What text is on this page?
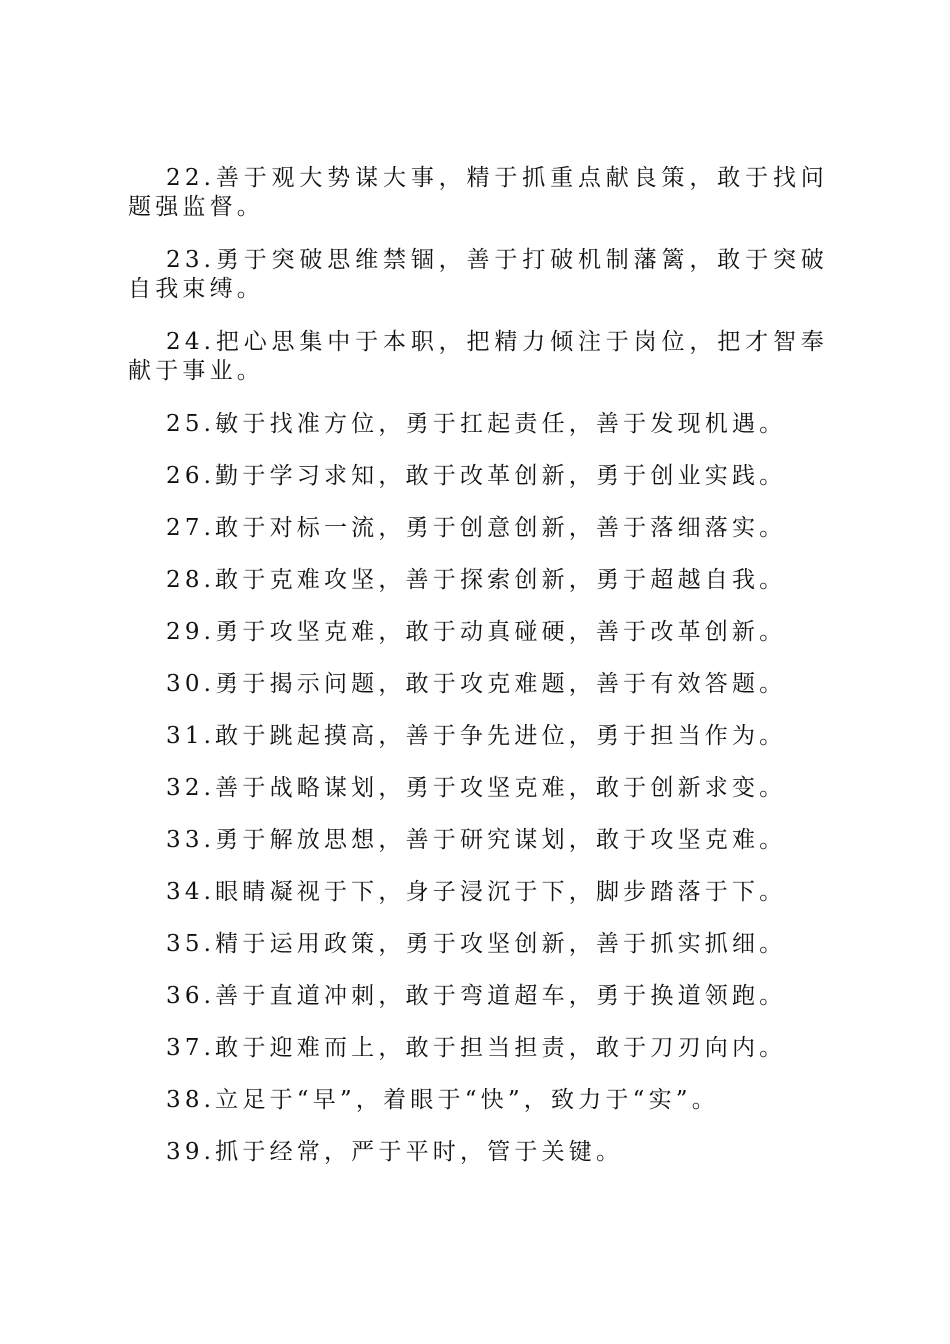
22.善于观大势谋大事，精于抓重点献良策，敢于找问题强监督。

23.勇于突破思维禁锢，善于打破机制藩篱，敢于突破自我束缚。

24.把心思集中于本职，把精力倾注于岗位，把才智奉献于事业。

25.敏于找准方位，勇于扛起责任，善于发现机遇。

26.勤于学习求知，敢于改革创新，勇于创业实践。

27.敢于对标一流，勇于创意创新，善于落细落实。

28.敢于克难攻坚，善于探索创新，勇于超越自我。

29.勇于攻坚克难，敢于动真碰硬，善于改革创新。

30.勇于揭示问题，敢于攻克难题，善于有效答题。

31.敢于跳起摸高，善于争先进位，勇于担当作为。

32.善于战略谋划，勇于攻坚克难，敢于创新求变。

33.勇于解放思想，善于研究谋划，敢于攻坚克难。

34.眼睛凝视于下，身子浸沉于下，脚步踏落于下。

35.精于运用政策，勇于攻坚创新，善于抓实抓细。

36.善于直道冲刺，敢于弯道超车，勇于换道领跑。

37.敢于迎难而上，敢于担当担责，敢于刀刃向内。

38.立足于“早”，着眼于“快”，致力于“实”。

39.抓于经常，严于平时，管于关键。
